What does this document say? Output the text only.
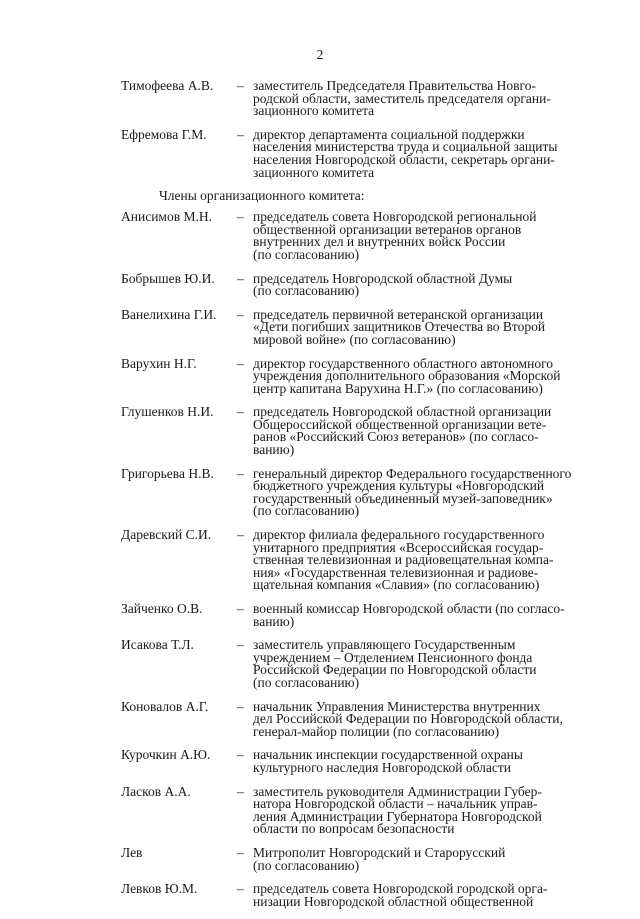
2
Тимофеева А.В.	– заместитель Председателя Правительства Новго-
родской области, заместитель председателя органи-
зационного комитета
Ефремова Г.М.	– директор департамента социальной поддержки
населения министерства труда и социальной защиты
населения Новгородской области, секретарь органи-
зационного комитета
Члены организационного комитета:
Анисимов М.Н.	– председатель совета Новгородской региональной
общественной организации ветеранов органов
внутренних дел и внутренних войск России
(по согласованию)
Бобрышев Ю.И.	– председатель Новгородской областной Думы
(по согласованию)
Ванелихина Г.И.	– председатель первичной ветеранской организации
«Дети погибших защитников Отечества во Второй
мировой войне» (по согласованию)
Варухин Н.Г.	– директор государственного областного автономного
учреждения дополнительного образования «Морской
центр капитана Варухина Н.Г.» (по согласованию)
Глушенков Н.И.	– председатель Новгородской областной организации
Общероссийской общественной организации вете-
ранов «Российский Союз ветеранов» (по согласо-
ванию)
Григорьева Н.В.	– генеральный директор Федерального государственного
бюджетного учреждения культуры «Новгородский
государственный объединенный музей-заповедник»
(по согласованию)
Даревский С.И.	– директор филиала федерального государственного
унитарного предприятия «Всероссийская государ-
ственная телевизионная и радиовещательная компа-
ния» «Государственная телевизионная и радиове-
щательная компания «Славия» (по согласованию)
Зайченко О.В.	– военный комиссар Новгородской области (по согласо-
ванию)
Исакова Т.Л.	– заместитель управляющего Государственным
учреждением – Отделением Пенсионного фонда
Российской Федерации по Новгородской области
(по согласованию)
Коновалов А.Г.	– начальник Управления Министерства внутренних
дел Российской Федерации по Новгородской области,
генерал-майор полиции (по согласованию)
Курочкин А.Ю.	– начальник инспекции государственной охраны
культурного наследия Новгородской области
Ласков А.А.	– заместитель руководителя Администрации Губер-
натора Новгородской области – начальник управ-
ления Администрации Губернатора Новгородской
области по вопросам безопасности
Лев	– Митрополит Новгородский и Старорусский
(по согласованию)
Левков Ю.М.	– председатель совета Новгородской городской орга-
низации Новгородской областной общественной
